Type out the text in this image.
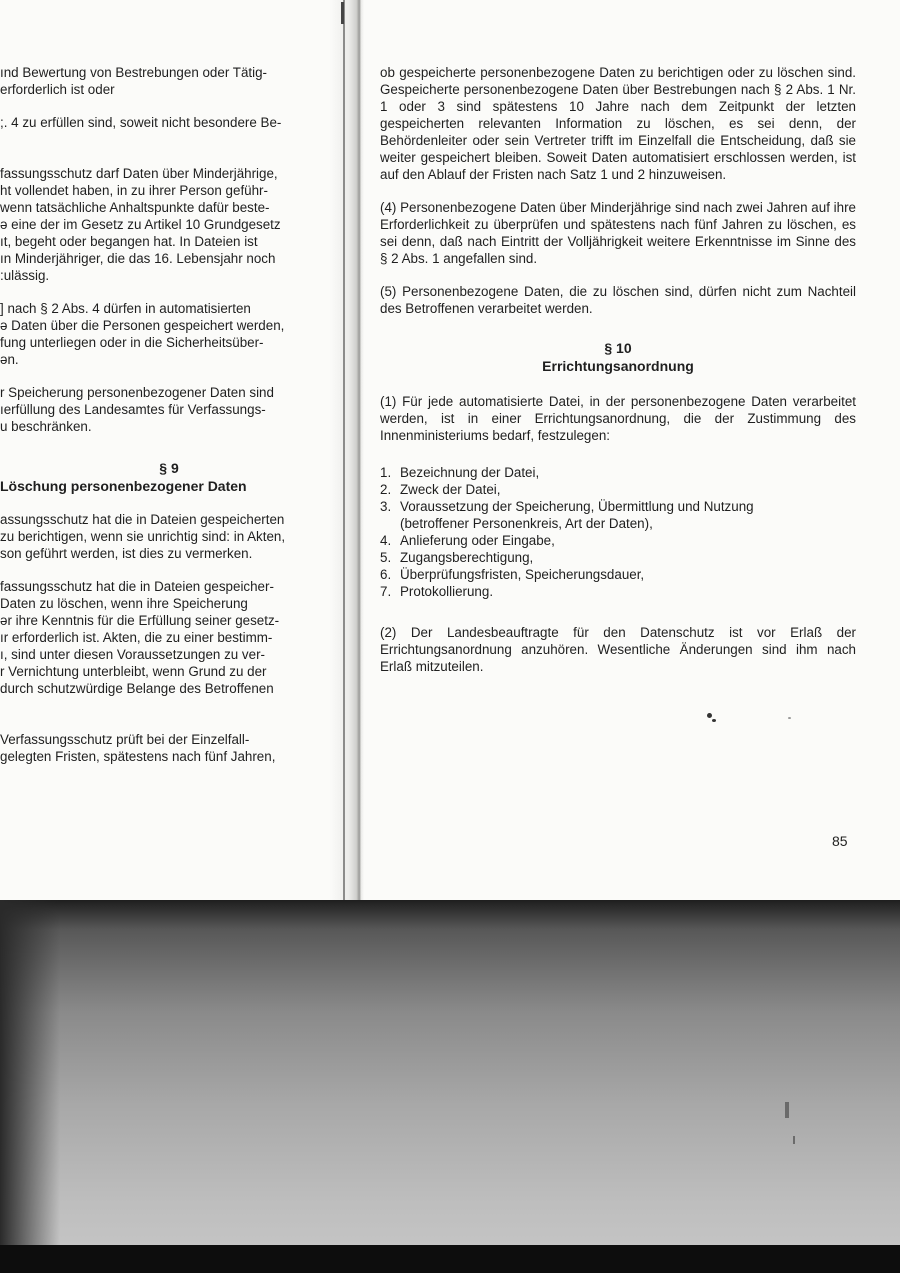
ınd Bewertung von Bestrebungen oder Tätig-

erforderlich ist oder

;. 4 zu erfüllen sind, soweit nicht besondere Be-

fassungsschutz darf Daten über Minderjährige,

ht vollendet haben, in zu ihrer Person geführ-

wenn tatsächliche Anhaltspunkte dafür beste-

ə eine der im Gesetz zu Artikel 10 Grundgesetz

ıt, begeht oder begangen hat. In Dateien ist

ın Minderjähriger, die das 16. Lebensjahr noch

:ulässig.

] nach § 2 Abs. 4 dürfen in automatisierten

ə Daten über die Personen gespeichert werden,

fung unterliegen oder in die Sicherheitsüber-

ən.

r Speicherung personenbezogener Daten sind

ıerfüllung des Landesamtes für Verfassungs-

u beschränken.

§ 9

Löschung personenbezogener Daten

assungsschutz hat die in Dateien gespeicherten

zu berichtigen, wenn sie unrichtig sind: in Akten,

son geführt werden, ist dies zu vermerken.

fassungsschutz hat die in Dateien gespeicher-

Daten zu löschen, wenn ihre Speicherung

ər ihre Kenntnis für die Erfüllung seiner gesetz-

ır erforderlich ist. Akten, die zu einer bestimm-

ı, sind unter diesen Voraussetzungen zu ver-

r Vernichtung unterbleibt, wenn Grund zu der

durch schutzwürdige Belange des Betroffenen

Verfassungsschutz prüft bei der Einzelfall-

gelegten Fristen, spätestens nach fünf Jahren,

ob gespeicherte personenbezogene Daten zu berichtigen oder zu löschen sind. Gespeicherte personenbezogene Daten über Bestrebungen nach § 2 Abs. 1 Nr. 1 oder 3 sind spätestens 10 Jahre nach dem Zeitpunkt der letzten gespeicherten relevanten Information zu löschen, es sei denn, der Behördenleiter oder sein Vertreter trifft im Einzelfall die Entscheidung, daß sie weiter gespeichert bleiben. Soweit Daten automatisiert erschlossen werden, ist auf den Ablauf der Fristen nach Satz 1 und 2 hinzuweisen.

(4) Personenbezogene Daten über Minderjährige sind nach zwei Jahren auf ihre Erforderlichkeit zu überprüfen und spätestens nach fünf Jahren zu löschen, es sei denn, daß nach Eintritt der Volljährigkeit weitere Erkenntnisse im Sinne des § 2 Abs. 1 angefallen sind.

(5) Personenbezogene Daten, die zu löschen sind, dürfen nicht zum Nachteil des Betroffenen verarbeitet werden.

§ 10

Errichtungsanordnung

(1) Für jede automatisierte Datei, in der personenbezogene Daten verarbeitet werden, ist in einer Errichtungsanordnung, die der Zustimmung des Innenministeriums bedarf, festzulegen:

1. Bezeichnung der Datei,

2. Zweck der Datei,

3. Voraussetzung der Speicherung, Übermittlung und Nutzung
(betroffener Personenkreis, Art der Daten),

4. Anlieferung oder Eingabe,

5. Zugangsberechtigung,

6. Überprüfungsfristen, Speicherungsdauer,

7. Protokollierung.

(2) Der Landesbeauftragte für den Datenschutz ist vor Erlaß der Errichtungsanordnung anzuhören. Wesentliche Änderungen sind ihm nach Erlaß mitzuteilen.

85
